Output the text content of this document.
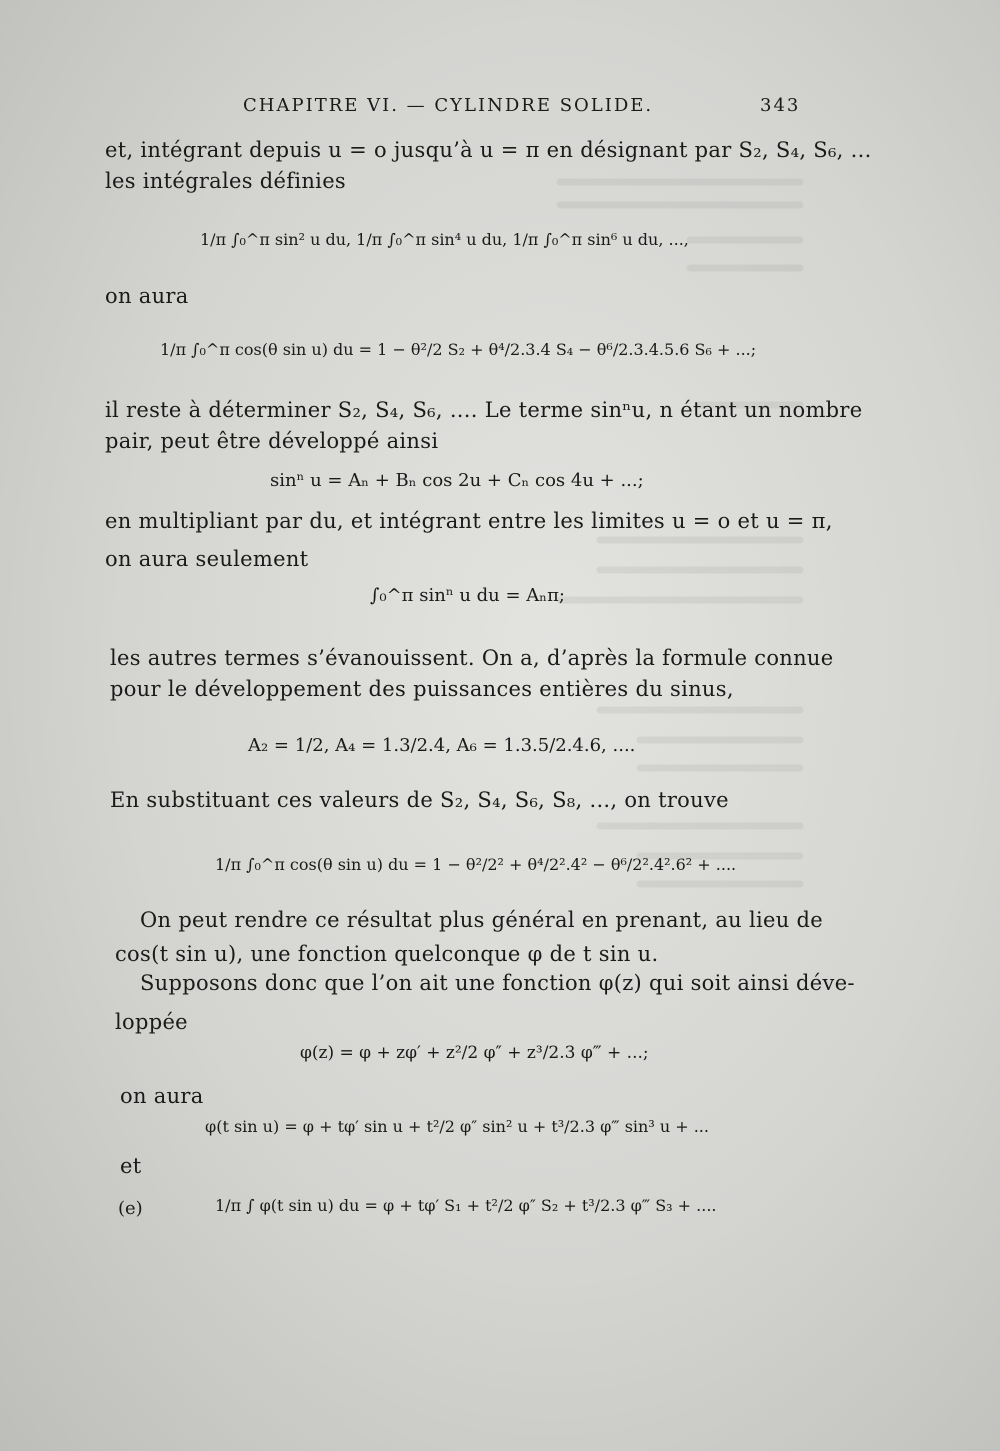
CHAPITRE VI. — CYLINDRE SOLIDE.	343
et, intégrant depuis u = o jusqu’à u = π en désignant par S₂, S₄, S₆, ...
les intégrales définies
1/π ∫₀^π sin² u du, 1/π ∫₀^π sin⁴ u du, 1/π ∫₀^π sin⁶ u du, ...,
on aura
1/π ∫₀^π cos(θ sin u) du = 1 − θ²/2 S₂ + θ⁴/2.3.4 S₄ − θ⁶/2.3.4.5.6 S₆ + ...;
il reste à déterminer S₂, S₄, S₆, .... Le terme sinⁿu, n étant un nombre
pair, peut être développé ainsi
sinⁿ u = Aₙ + Bₙ cos 2u + Cₙ cos 4u + ...;
en multipliant par du, et intégrant entre les limites u = o et u = π,
on aura seulement
∫₀^π sinⁿ u du = Aₙπ;
les autres termes s’évanouissent. On a, d’après la formule connue
pour le développement des puissances entières du sinus,
A₂ = 1/2, A₄ = 1.3/2.4, A₆ = 1.3.5/2.4.6, ....
En substituant ces valeurs de S₂, S₄, S₆, S₈, ..., on trouve
1/π ∫₀^π cos(θ sin u) du = 1 − θ²/2² + θ⁴/2².4² − θ⁶/2².4².6² + ....
On peut rendre ce résultat plus général en prenant, au lieu de
cos(t sin u), une fonction quelconque φ de t sin u.
Supposons donc que l’on ait une fonction φ(z) qui soit ainsi déve-
loppée
φ(z) = φ + zφ′ + z²/2 φ″ + z³/2.3 φ‴ + ...;
on aura
φ(t sin u) = φ + tφ′ sin u + t²/2 φ″ sin² u + t³/2.3 φ‴ sin³ u + ...
et
(e)	1/π ∫ φ(t sin u) du = φ + tφ′ S₁ + t²/2 φ″ S₂ + t³/2.3 φ‴ S₃ + ....
